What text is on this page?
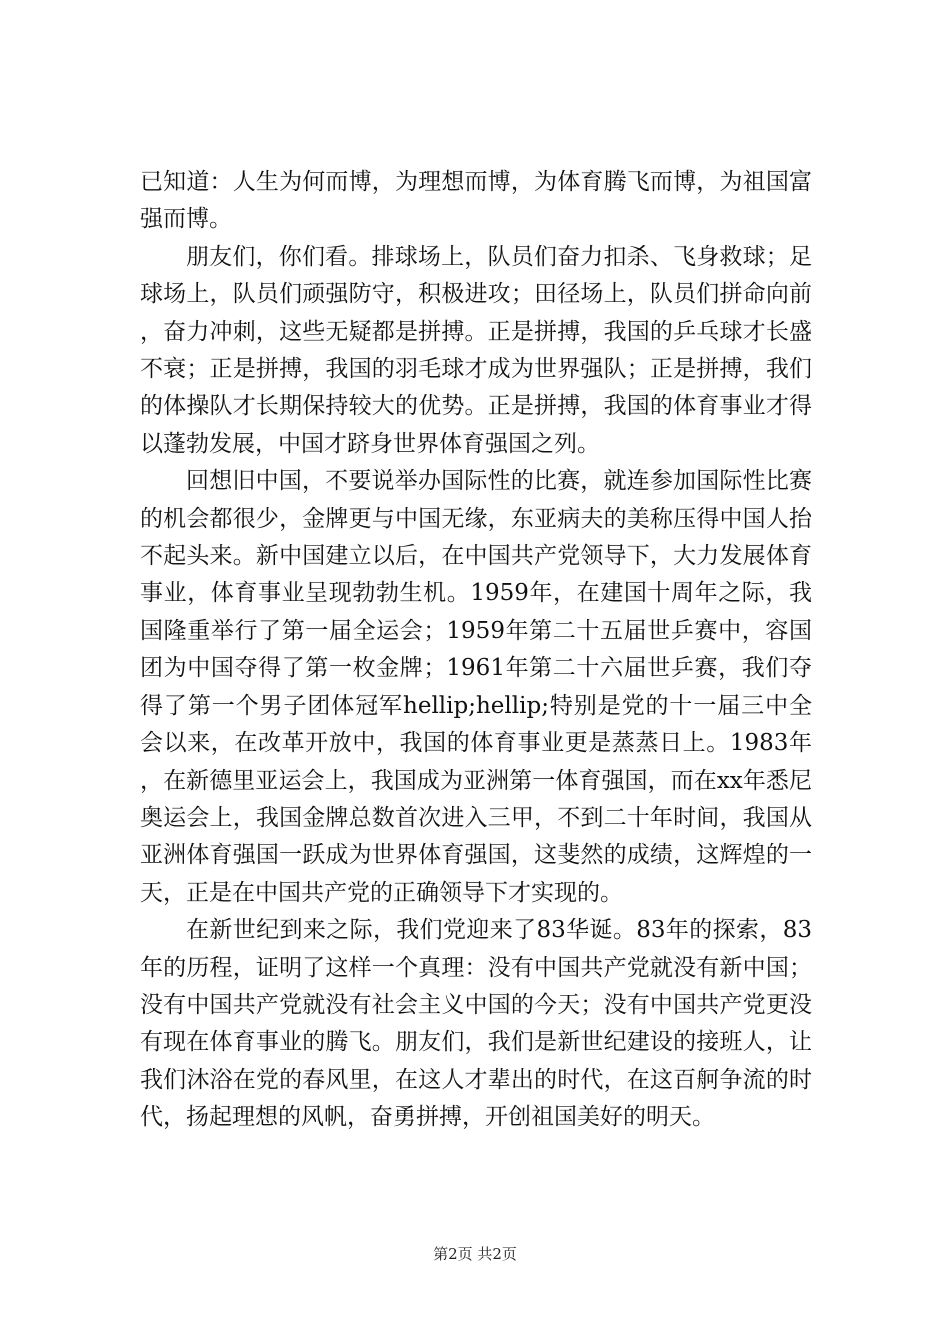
已知道：人生为何而博，为理想而博，为体育腾飞而博，为祖国富强而博。

朋友们，你们看。排球场上，队员们奋力扣杀、飞身救球；足球场上，队员们顽强防守，积极进攻；田径场上，队员们拼命向前，奋力冲刺，这些无疑都是拼搏。正是拼搏，我国的乒乓球才长盛不衰；正是拼搏，我国的羽毛球才成为世界强队；正是拼搏，我们的体操队才长期保持较大的优势。正是拼搏，我国的体育事业才得以蓬勃发展，中国才跻身世界体育强国之列。

回想旧中国，不要说举办国际性的比赛，就连参加国际性比赛的机会都很少，金牌更与中国无缘，东亚病夫的美称压得中国人抬不起头来。新中国建立以后，在中国共产党领导下，大力发展体育事业，体育事业呈现勃勃生机。1959年，在建国十周年之际，我国隆重举行了第一届全运会；1959年第二十五届世乒赛中，容国团为中国夺得了第一枚金牌；1961年第二十六届世乒赛，我们夺得了第一个男子团体冠军hellip;hellip;特别是党的十一届三中全会以来，在改革开放中，我国的体育事业更是蒸蒸日上。1983年，在新德里亚运会上，我国成为亚洲第一体育强国，而在xx年悉尼奥运会上，我国金牌总数首次进入三甲，不到二十年时间，我国从亚洲体育强国一跃成为世界体育强国，这斐然的成绩，这辉煌的一天，正是在中国共产党的正确领导下才实现的。

在新世纪到来之际，我们党迎来了83华诞。83年的探索，83年的历程，证明了这样一个真理：没有中国共产党就没有新中国；没有中国共产党就没有社会主义中国的今天；没有中国共产党更没有现在体育事业的腾飞。朋友们，我们是新世纪建设的接班人，让我们沐浴在党的春风里，在这人才辈出的时代，在这百舸争流的时代，扬起理想的风帆，奋勇拼搏，开创祖国美好的明天。

第2页 共2页
